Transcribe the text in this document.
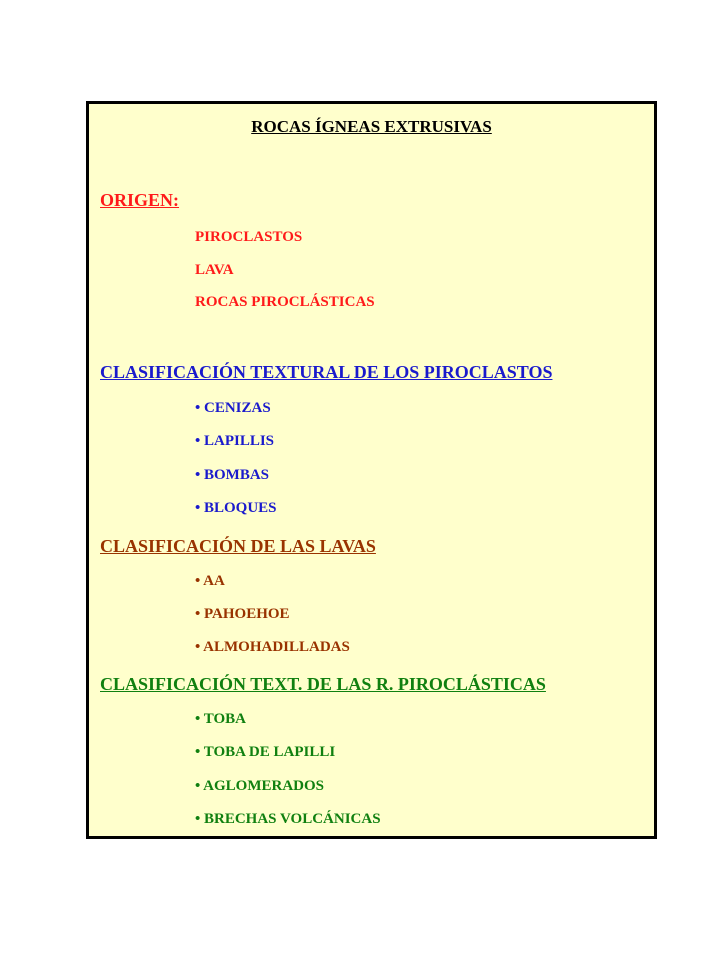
ROCAS ÍGNEAS EXTRUSIVAS
ORIGEN:
PIROCLASTOS
LAVA
ROCAS PIROCLÁSTICAS
CLASIFICACIÓN TEXTURAL DE LOS PIROCLASTOS
• CENIZAS
• LAPILLIS
• BOMBAS
• BLOQUES
CLASIFICACIÓN DE LAS LAVAS
• AA
• PAHOEHOE
• ALMOHADILLADAS
CLASIFICACIÓN TEXT. DE LAS R. PIROCLÁSTICAS
• TOBA
• TOBA DE LAPILLI
• AGLOMERADOS
• BRECHAS VOLCÁNICAS
